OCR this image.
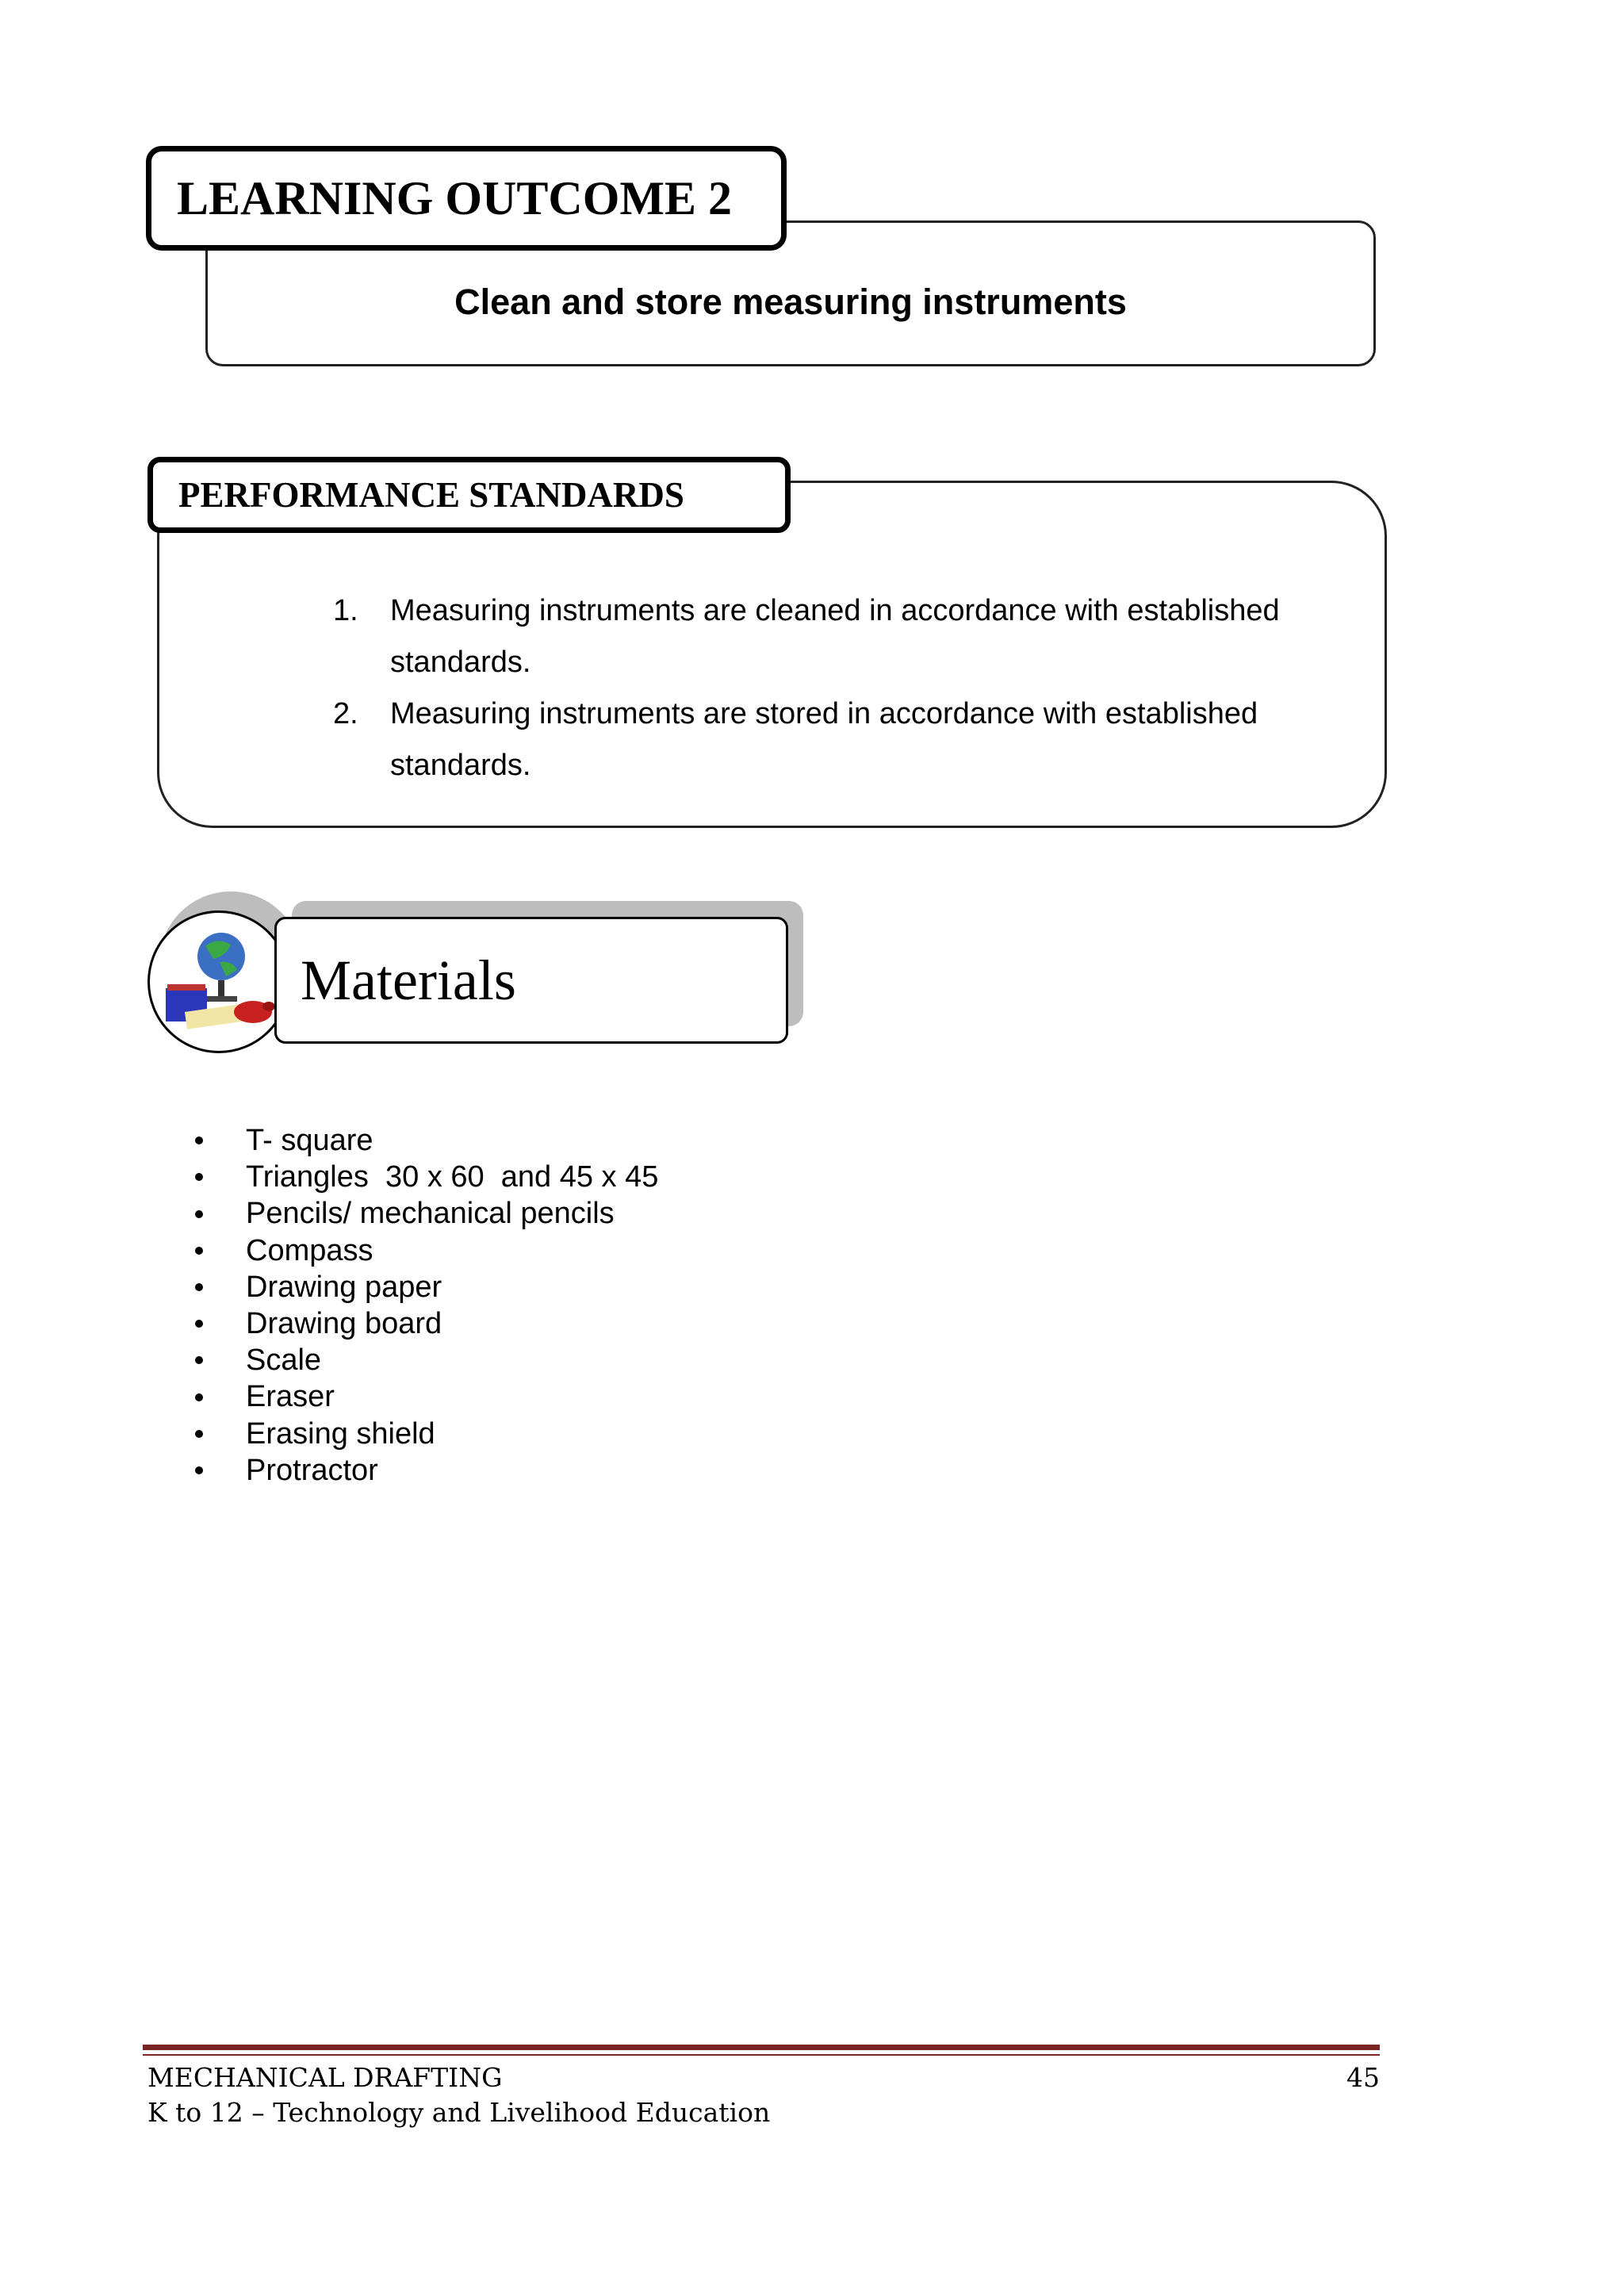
LEARNING OUTCOME 2
Clean and store measuring instruments
PERFORMANCE STANDARDS
1.	Measuring instruments are cleaned in accordance with established
standards.
2.	Measuring instruments are stored in accordance with established
standards.
Materials
T- square
Triangles  30 x 60  and 45 x 45
Pencils/ mechanical pencils
Compass
Drawing paper
Drawing board
Scale
Eraser
Erasing shield
Protractor
MECHANICAL DRAFTING
K to 12 – Technology and Livelihood Education
45
